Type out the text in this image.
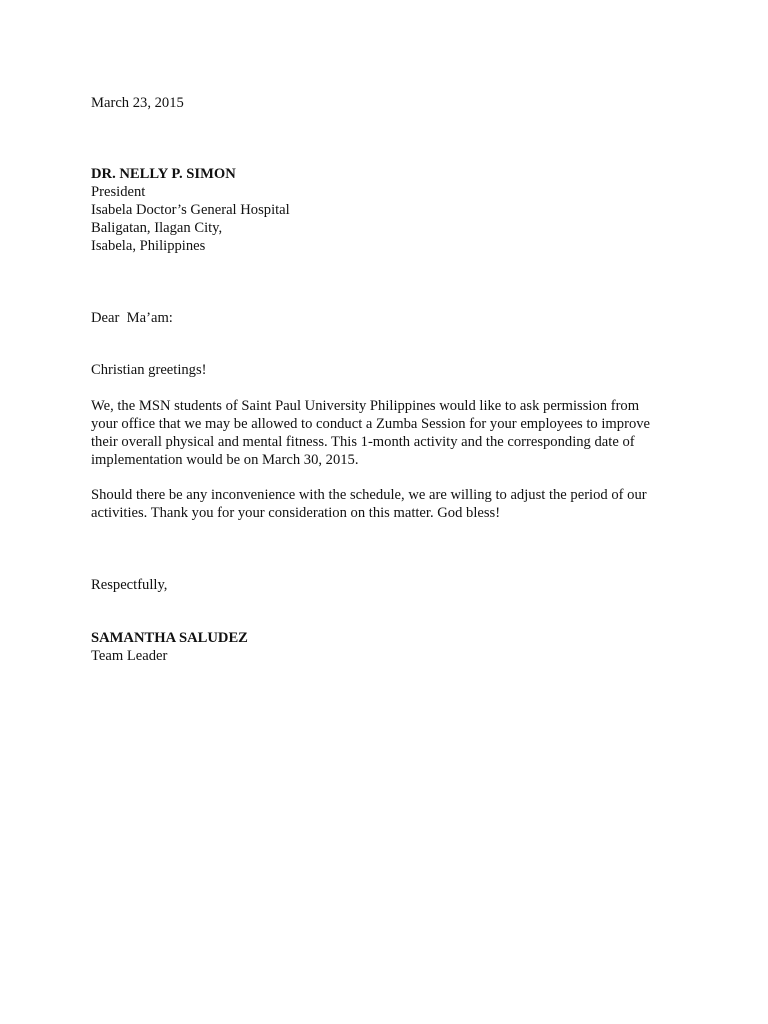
March 23, 2015
DR. NELLY P. SIMON
President
Isabela Doctor’s General Hospital
Baligatan, Ilagan City,
Isabela, Philippines
Dear  Ma’am:
Christian greetings!
We, the MSN students of Saint Paul University Philippines would like to ask permission from
your office that we may be allowed to conduct a Zumba Session for your employees to improve
their overall physical and mental fitness. This 1-month activity and the corresponding date of
implementation would be on March 30, 2015.
Should there be any inconvenience with the schedule, we are willing to adjust the period of our
activities. Thank you for your consideration on this matter. God bless!
Respectfully,
SAMANTHA SALUDEZ
Team Leader
